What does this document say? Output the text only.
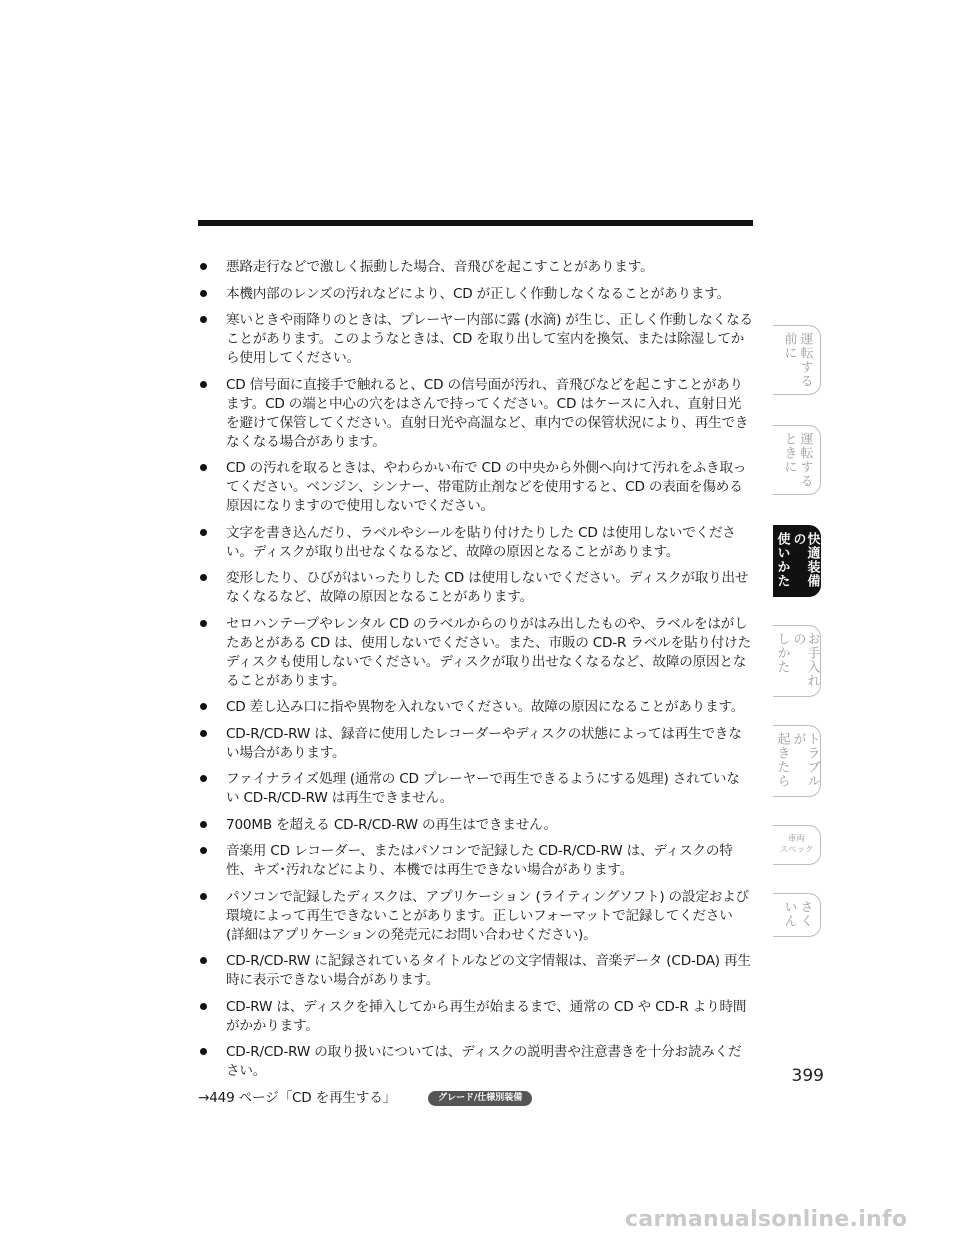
悪路走行などで激しく振動した場合、音飛びを起こすことがあります。
本機内部のレンズの汚れなどにより、CD が正しく作動しなくなることがあります。
寒いときや雨降りのときは、プレーヤー内部に露 (水滴) が生じ、正しく作動しなくなることがあります。このようなときは、CD を取り出して室内を換気、または除湿してから使用してください。
CD 信号面に直接手で触れると、CD の信号面が汚れ、音飛びなどを起こすことがあります。CD の端と中心の穴をはさんで持ってください。CD はケースに入れ、直射日光を避けて保管してください。直射日光や高温など、車内での保管状況により、再生できなくなる場合があります。
CD の汚れを取るときは、やわらかい布で CD の中央から外側へ向けて汚れをふき取ってください。ベンジン、シンナー、帯電防止剤などを使用すると、CD の表面を傷める原因になりますので使用しないでください。
文字を書き込んだり、ラベルやシールを貼り付けたりした CD は使用しないでください。ディスクが取り出せなくなるなど、故障の原因となることがあります。
変形したり、ひびがはいったりした CD は使用しないでください。ディスクが取り出せなくなるなど、故障の原因となることがあります。
セロハンテープやレンタル CD のラベルからのりがはみ出したものや、ラベルをはがしたあとがある CD は、使用しないでください。また、市販の CD-R ラベルを貼り付けたディスクも使用しないでください。ディスクが取り出せなくなるなど、故障の原因となることがあります。
CD 差し込み口に指や異物を入れないでください。故障の原因になることがあります。
CD-R/CD-RW は、録音に使用したレコーダーやディスクの状態によっては再生できない場合があります。
ファイナライズ処理 (通常の CD プレーヤーで再生できるようにする処理) されていない CD-R/CD-RW は再生できません。
700MB を超える CD-R/CD-RW の再生はできません。
音楽用 CD レコーダー、またはパソコンで記録した CD-R/CD-RW は、ディスクの特性、キズ･汚れなどにより、本機では再生できない場合があります。
パソコンで記録したディスクは、アプリケーション (ライティングソフト) の設定および環境によって再生できないことがあります。正しいフォーマットで記録してください (詳細はアプリケーションの発売元にお問い合わせください)。
CD-R/CD-RW に記録されているタイトルなどの文字情報は、音楽データ (CD-DA) 再生時に表示できない場合があります。
CD-RW は、ディスクを挿入してから再生が始まるまで、通常の CD や CD-R より時間がかかります。
CD-R/CD-RW の取り扱いについては、ディスクの説明書や注意書きを十分お読みください。
→449 ページ「CD を再生する」	グレード/仕様別装備
運転する
前に
運転する
ときに
快適装備の
使いかた
お手入れの
しかた
トラブルが
起きたら
車両
スペック
さく
いん
399
carmanualsonline.info
